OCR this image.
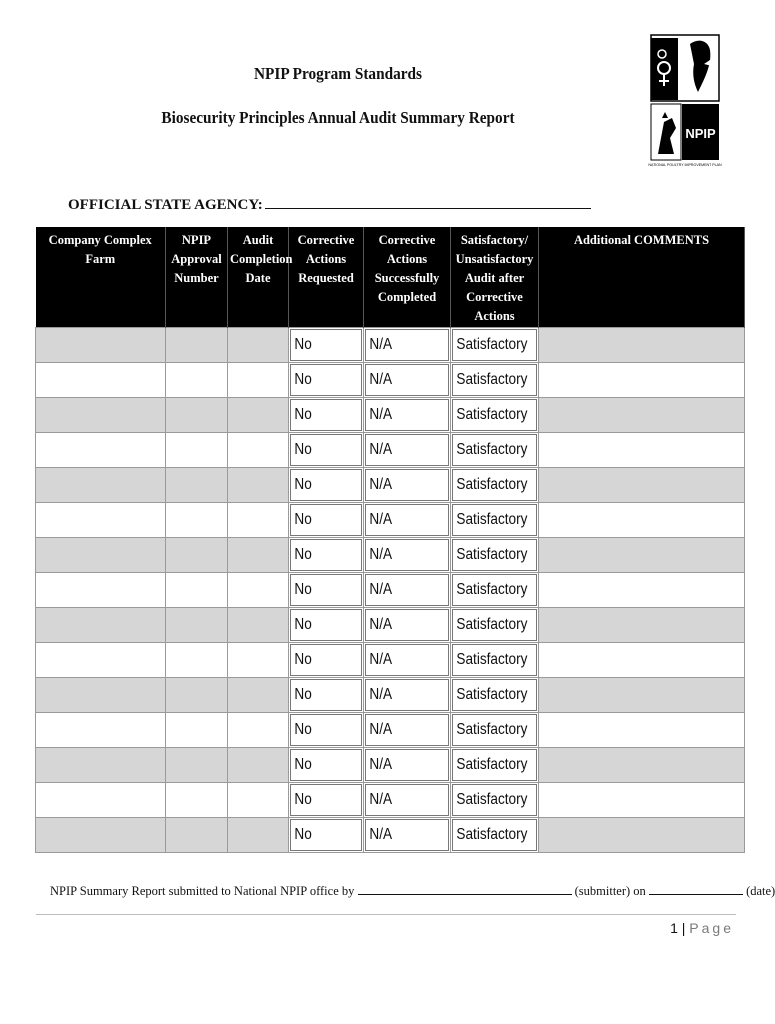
NPIP Program Standards
Biosecurity Principles Annual Audit Summary Report
NPIP
NATIONAL POULTRY IMPROVEMENT PLAN
OFFICIAL STATE AGENCY:
Company Complex Farm	NPIP Approval Number	Audit Completion Date	Corrective Actions Requested	Corrective Actions Successfully Completed	Satisfactory/ Unsatisfactory Audit after Corrective Actions	Additional COMMENTS

			No	N/A	Satisfactory	

			No	N/A	Satisfactory	

			No	N/A	Satisfactory	

			No	N/A	Satisfactory	

			No	N/A	Satisfactory	

			No	N/A	Satisfactory	

			No	N/A	Satisfactory	

			No	N/A	Satisfactory	

			No	N/A	Satisfactory	

			No	N/A	Satisfactory	

			No	N/A	Satisfactory	

			No	N/A	Satisfactory	

			No	N/A	Satisfactory	

			No	N/A	Satisfactory	

			No	N/A	Satisfactory	

NPIP Summary Report submitted to National NPIP office by	(submitter) on	(date)
1 | Page
